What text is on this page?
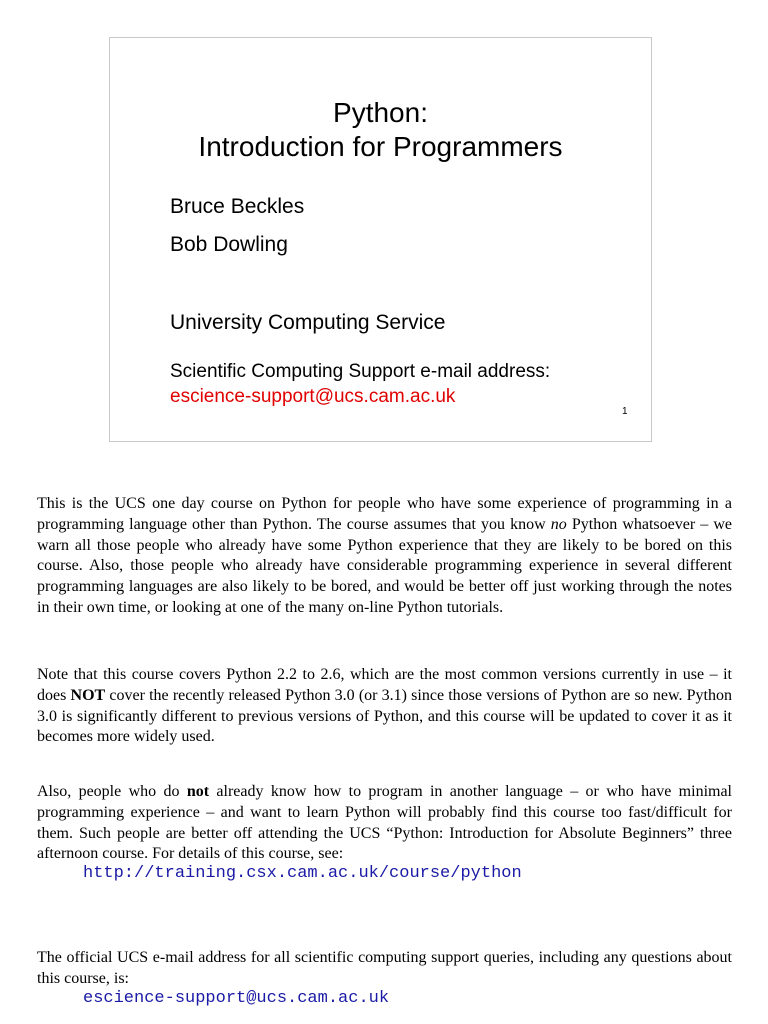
Python:
Introduction for Programmers
Bruce Beckles
Bob Dowling
University Computing Service
Scientific Computing Support e-mail address:
escience-support@ucs.cam.ac.uk
1

This is the UCS one day course on Python for people who have some experience of programming in a programming language other than Python. The course assumes that you know no Python whatsoever – we warn all those people who already have some Python experience that they are likely to be bored on this course. Also, those people who already have considerable programming experience in several different programming languages are also likely to be bored, and would be better off just working through the notes in their own time, or looking at one of the many on-line Python tutorials.

Note that this course covers Python 2.2 to 2.6, which are the most common versions currently in use – it does NOT cover the recently released Python 3.0 (or 3.1) since those versions of Python are so new. Python 3.0 is significantly different to previous versions of Python, and this course will be updated to cover it as it becomes more widely used.

Also, people who do not already know how to program in another language – or who have minimal programming experience – and want to learn Python will probably find this course too fast/difficult for them. Such people are better off attending the UCS “Python: Introduction for Absolute Beginners” three afternoon course. For details of this course, see:

http://training.csx.cam.ac.uk/course/python

The official UCS e-mail address for all scientific computing support queries, including any questions about this course, is:

escience-support@ucs.cam.ac.uk
